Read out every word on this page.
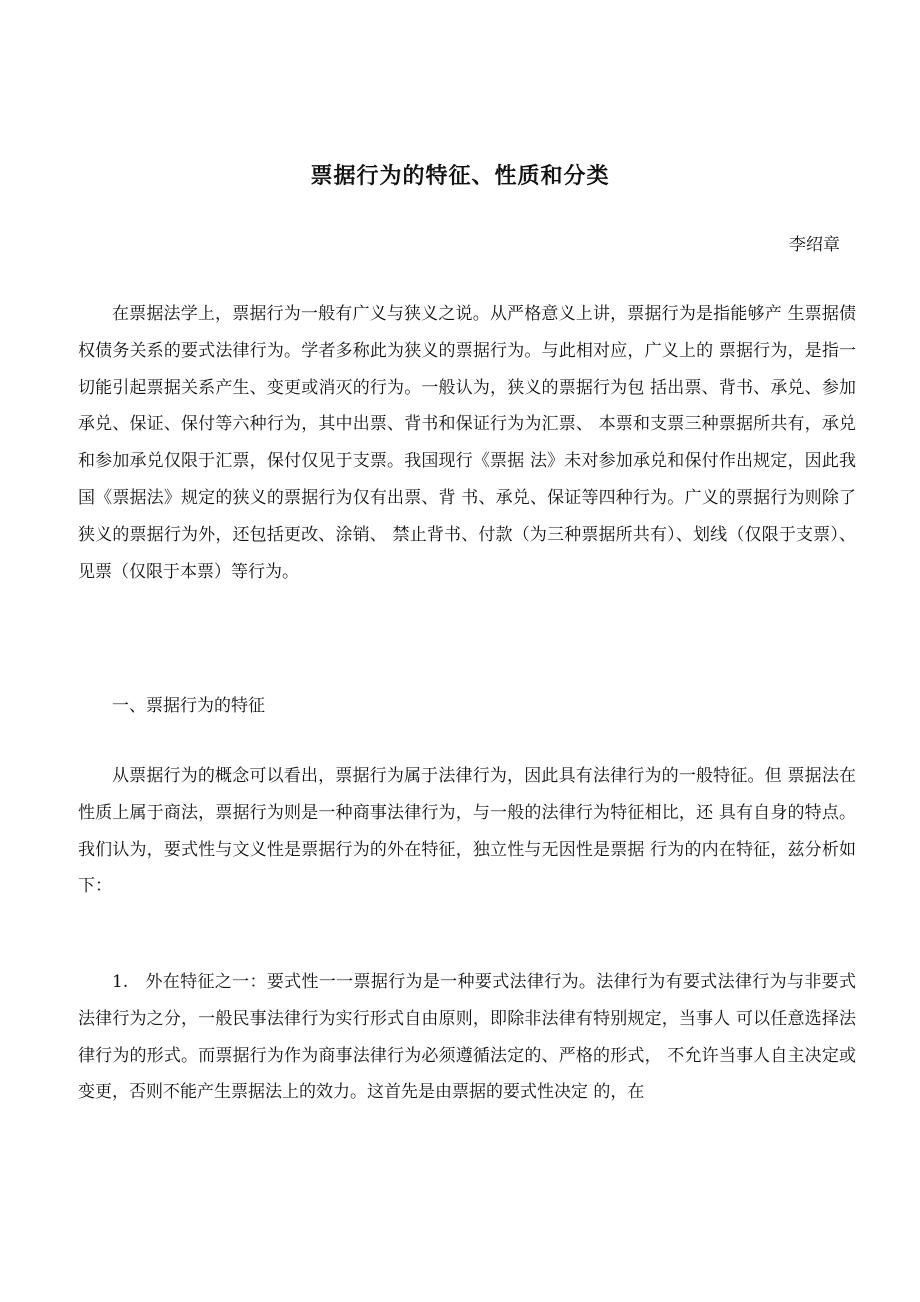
票据行为的特征、性质和分类
李绍章

在票据法学上，票据行为一般有广义与狭义之说。从严格意义上讲，票据行为是指能够产 生票据债权债务关系的要式法律行为。学者多称此为狭义的票据行为。与此相对应，广义上的 票据行为，是指一切能引起票据关系产生、变更或消灭的行为。一般认为，狭义的票据行为包 括出票、背书、承兑、参加承兑、保证、保付等六种行为，其中出票、背书和保证行为为汇票、 本票和支票三种票据所共有，承兑和参加承兑仅限于汇票，保付仅见于支票。我国现行《票据 法》未对参加承兑和保付作出规定，因此我国《票据法》规定的狭义的票据行为仅有出票、背 书、承兑、保证等四种行为。广义的票据行为则除了狭义的票据行为外，还包括更改、涂销、 禁止背书、付款（为三种票据所共有）、划线（仅限于支票）、见票（仅限于本票）等行为。

一、票据行为的特征

从票据行为的概念可以看出，票据行为属于法律行为，因此具有法律行为的一般特征。但 票据法在性质上属于商法，票据行为则是一种商事法律行为，与一般的法律行为特征相比，还 具有自身的特点。我们认为，要式性与文义性是票据行为的外在特征，独立性与无因性是票据 行为的内在特征，兹分析如下：

1.   外在特征之一：要式性一一票据行为是一种要式法律行为。法律行为有要式法律行为与非要式法律行为之分，一般民事法律行为实行形式自由原则，即除非法律有特别规定，当事人 可以任意选择法律行为的形式。而票据行为作为商事法律行为必须遵循法定的、严格的形式， 不允许当事人自主决定或变更，否则不能产生票据法上的效力。这首先是由票据的要式性决定 的，在
